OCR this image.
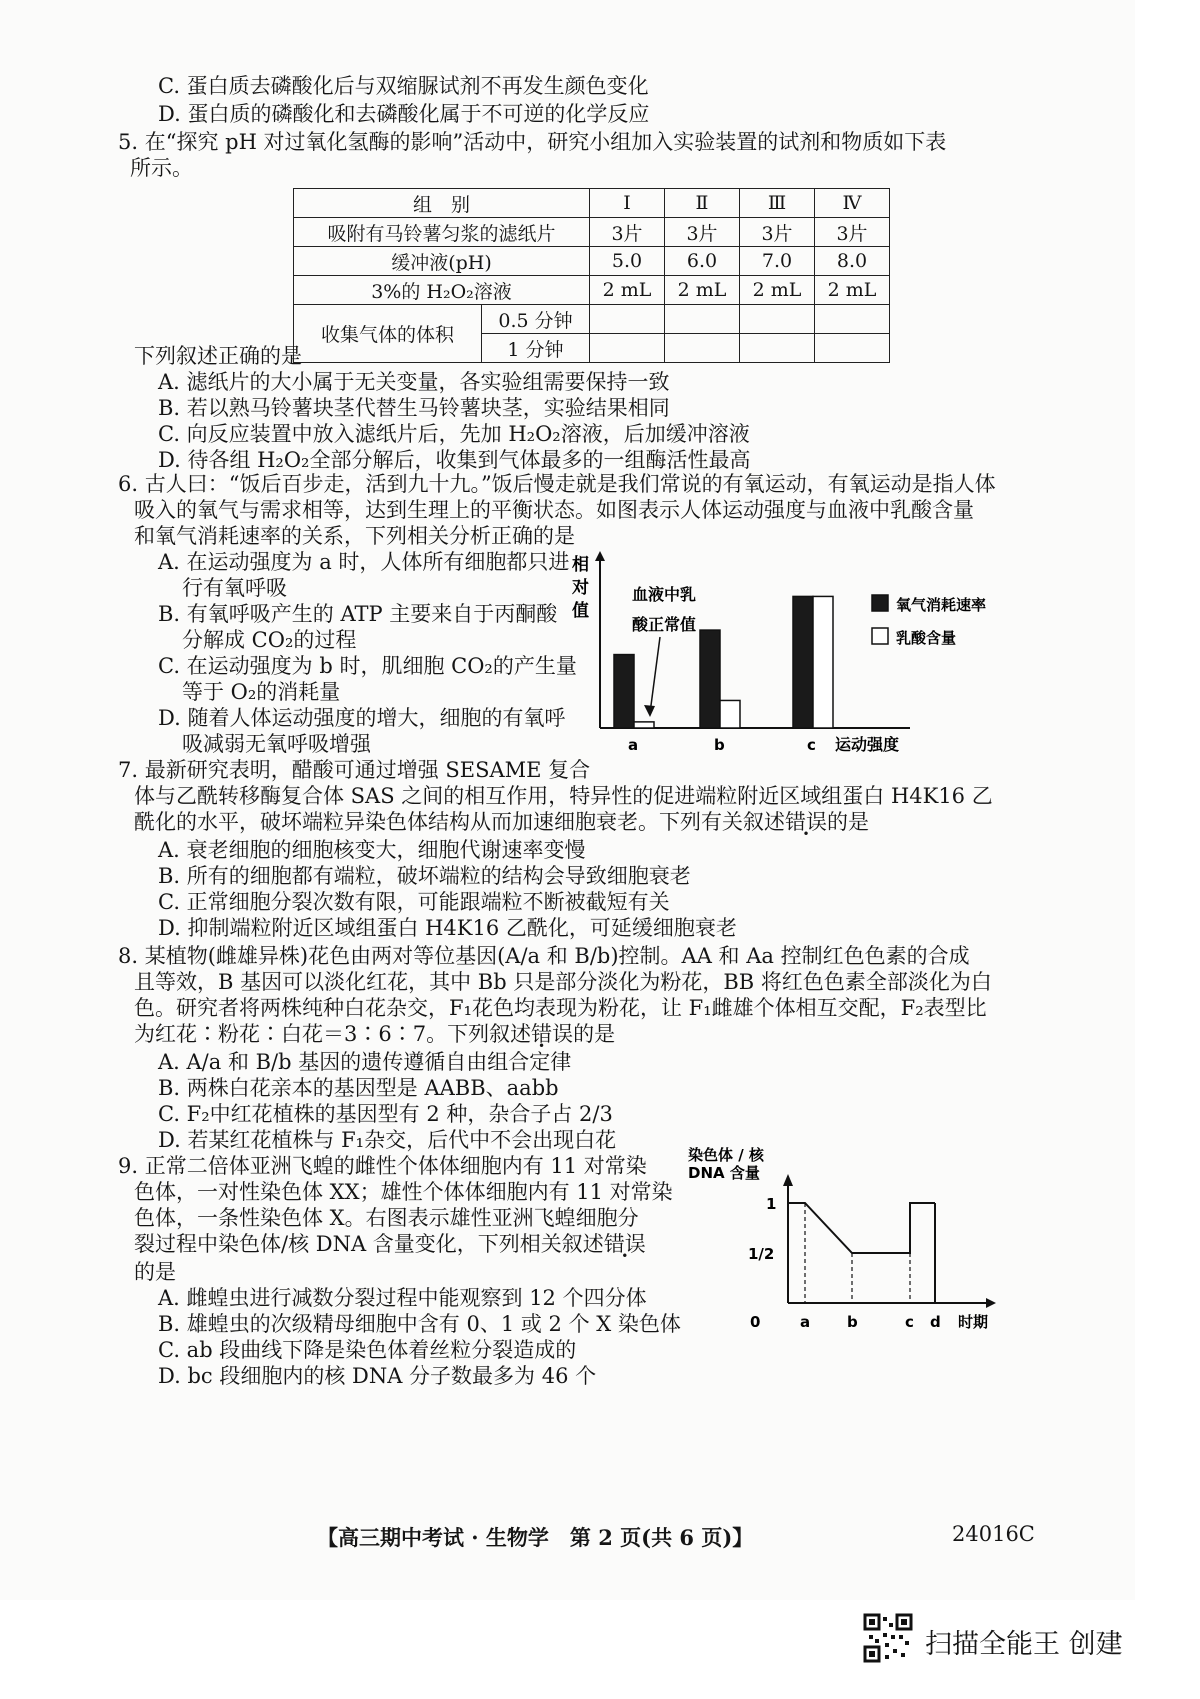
C. 蛋白质去磷酸化后与双缩脲试剂不再发生颜色变化
D. 蛋白质的磷酸化和去磷酸化属于不可逆的化学反应
5. 在“探究 pH 对过氧化氢酶的影响”活动中，研究小组加入实验装置的试剂和物质如下表
所示。
组　别		Ⅰ	Ⅱ	Ⅲ	Ⅳ
吸附有马铃薯匀浆的滤纸片		3片	3片	3片	3片
缓冲液(pH)		5.0	6.0	7.0	8.0
3%的 H₂O₂溶液		2 mL	2 mL	2 mL	2 mL
收集气体的体积	0.5 分钟				
	1 分钟				
下列叙述正确的是
A. 滤纸片的大小属于无关变量，各实验组需要保持一致
B. 若以熟马铃薯块茎代替生马铃薯块茎，实验结果相同
C. 向反应装置中放入滤纸片后，先加 H₂O₂溶液，后加缓冲溶液
D. 待各组 H₂O₂全部分解后，收集到气体最多的一组酶活性最高
6. 古人曰：“饭后百步走，活到九十九。”饭后慢走就是我们常说的有氧运动，有氧运动是指人体
吸入的氧气与需求相等，达到生理上的平衡状态。如图表示人体运动强度与血液中乳酸含量
和氧气消耗速率的关系，下列相关分析正确的是
A. 在运动强度为 a 时，人体所有细胞都只进
行有氧呼吸
B. 有氧呼吸产生的 ATP 主要来自于丙酮酸
分解成 CO₂的过程
C. 在运动强度为 b 时，肌细胞 CO₂的产生量
等于 O₂的消耗量
D. 随着人体运动强度的增大，细胞的有氧呼
吸减弱无氧呼吸增强
相
对
值
a	b	c 运动强度
血液中乳
酸正常值
氧气消耗速率
乳酸含量
7. 最新研究表明，醋酸可通过增强 SESAME 复合
体与乙酰转移酶复合体 SAS 之间的相互作用，特异性的促进端粒附近区域组蛋白 H4K16 乙
酰化的水平，破坏端粒异染色体结构从而加速细胞衰老。下列有关叙述错误的是
A. 衰老细胞的细胞核变大，细胞代谢速率变慢
B. 所有的细胞都有端粒，破坏端粒的结构会导致细胞衰老
C. 正常细胞分裂次数有限，可能跟端粒不断被截短有关
D. 抑制端粒附近区域组蛋白 H4K16 乙酰化，可延缓细胞衰老
8. 某植物(雌雄异株)花色由两对等位基因(A/a 和 B/b)控制。AA 和 Aa 控制红色色素的合成
且等效，B 基因可以淡化红花，其中 Bb 只是部分淡化为粉花，BB 将红色色素全部淡化为白
色。研究者将两株纯种白花杂交，F₁花色均表现为粉花，让 F₁雌雄个体相互交配，F₂表型比
为红花∶粉花∶白花＝3∶6∶7。下列叙述错误的是
A. A/a 和 B/b 基因的遗传遵循自由组合定律
B. 两株白花亲本的基因型是 AABB、aabb
C. F₂中红花植株的基因型有 2 种，杂合子占 2/3
D. 若某红花植株与 F₁杂交，后代中不会出现白花
9. 正常二倍体亚洲飞蝗的雌性个体体细胞内有 11 对常染
色体，一对性染色体 XX；雄性个体体细胞内有 11 对常染
色体，一条性染色体 X。右图表示雄性亚洲飞蝗细胞分
裂过程中染色体/核 DNA 含量变化，下列相关叙述错误
的是
A. 雌蝗虫进行减数分裂过程中能观察到 12 个四分体
B. 雄蝗虫的次级精母细胞中含有 0、1 或 2 个 X 染色体
C. ab 段曲线下降是染色体着丝粒分裂造成的
D. bc 段细胞内的核 DNA 分子数最多为 46 个
染色体 / 核
DNA 含量
1
1/2
0	a b	c d 时期
【高三期中考试 · 生物学　第 2 页(共 6 页)】	24016C
扫描全能王 创建
